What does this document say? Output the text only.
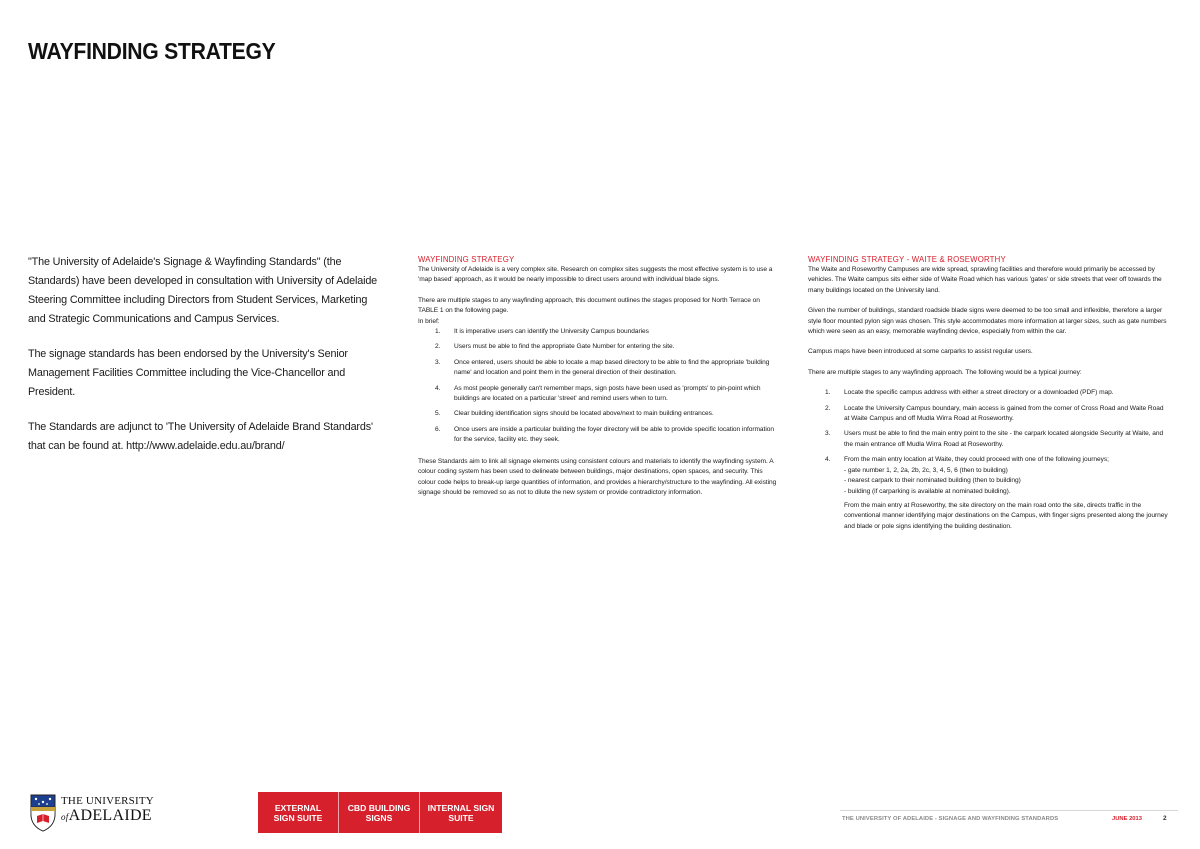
WAYFINDING STRATEGY

"The University of Adelaide's Signage & Wayfinding Standards" (the Standards) have been developed in consultation with University of Adelaide Steering Committee including Directors from Student Services, Marketing and Strategic Communications and Campus Services.

The signage standards has been endorsed by the University's Senior Management Facilities Committee including the Vice-Chancellor and President.

The Standards are adjunct to 'The University of Adelaide Brand Standards' that can be found at. http://www.adelaide.edu.au/brand/

WAYFINDING STRATEGY

The University of Adelaide is a very complex site. Research on complex sites suggests the most effective system is to use a 'map based' approach, as it would be nearly impossible to direct users around with individual blade signs.

There are multiple stages to any wayfinding approach, this document outlines the stages proposed for North Terrace on TABLE 1 on the following page.

In brief:
1.	It is imperative users can identify the University Campus boundaries
2.	Users must be able to find the appropriate Gate Number for entering the site.
3.	Once entered, users should be able to locate a map based directory to be able to find the appropriate 'building name' and location and point them in the general direction of their destination.
4.	As most people generally can't remember maps, sign posts have been used as 'prompts' to pin-point which buildings are located on a particular 'street' and remind users when to turn.
5.	Clear building identification signs should be located above/next to main building entrances.
6.	Once users are inside a particular building the foyer directory will be able to provide specific location information for the service, facility etc. they seek.

These Standards aim to link all signage elements using consistent colours and materials to identify the wayfinding system. A colour coding system has been used to delineate between buildings, major destinations, open spaces, and security. This colour code helps to break-up large quantities of information, and provides a hierarchy/structure to the wayfinding. All existing signage should be removed so as not to dilute the new system or provide contradictory information.

WAYFINDING STRATEGY - WAITE & ROSEWORTHY

The Waite and Roseworthy Campuses are wide spread, sprawling facilities and therefore would primarily be accessed by vehicles. The Waite campus sits either side of Waite Road which has various 'gates' or side streets that veer off towards the many buildings located on the University land.

Given the number of buildings, standard roadside blade signs were deemed to be too small and inflexible, therefore a larger style floor mounted pylon sign was chosen. This style accommodates more information at larger sizes, such as gate numbers which were seen as an easy, memorable wayfinding device, especially from within the car.

Campus maps have been introduced at some carparks to assist regular users.

There are multiple stages to any wayfinding approach. The following would be a typical journey:

1.	Locate the specific campus address with either a street directory or a downloaded (PDF) map.
2.	Locate the University Campus boundary, main access is gained from the corner of Cross Road and Waite Road at Waite Campus and off Mudla Wirra Road at Roseworthy.
3.	Users must be able to find the main entry point to the site - the carpark located alongside Security at Waite, and the main entrance off Mudla Wirra Road at Roseworthy.
4.	From the main entry location at Waite, they could proceed with one of the following journeys;
- gate number 1, 2, 2a, 2b, 2c, 3, 4, 5, 6 (then to building)
- nearest carpark to their nominated building (then to building)
- building (if carparking is available at nominated building).
From the main entry at Roseworthy, the site directory on the main road onto the site, directs traffic in the conventional manner identifying major destinations on the Campus, with finger signs presented along the journey and blade or pole signs identifying the building destination.
THE UNIVERSITY
ofADELAIDE	EXTERNAL SIGN SUITE
CBD BUILDING SIGNS
INTERNAL SIGN SUITE	THE UNIVERSITY OF ADELAIDE - SIGNAGE AND WAYFINDING STANDARDS	JUNE 2013	2
